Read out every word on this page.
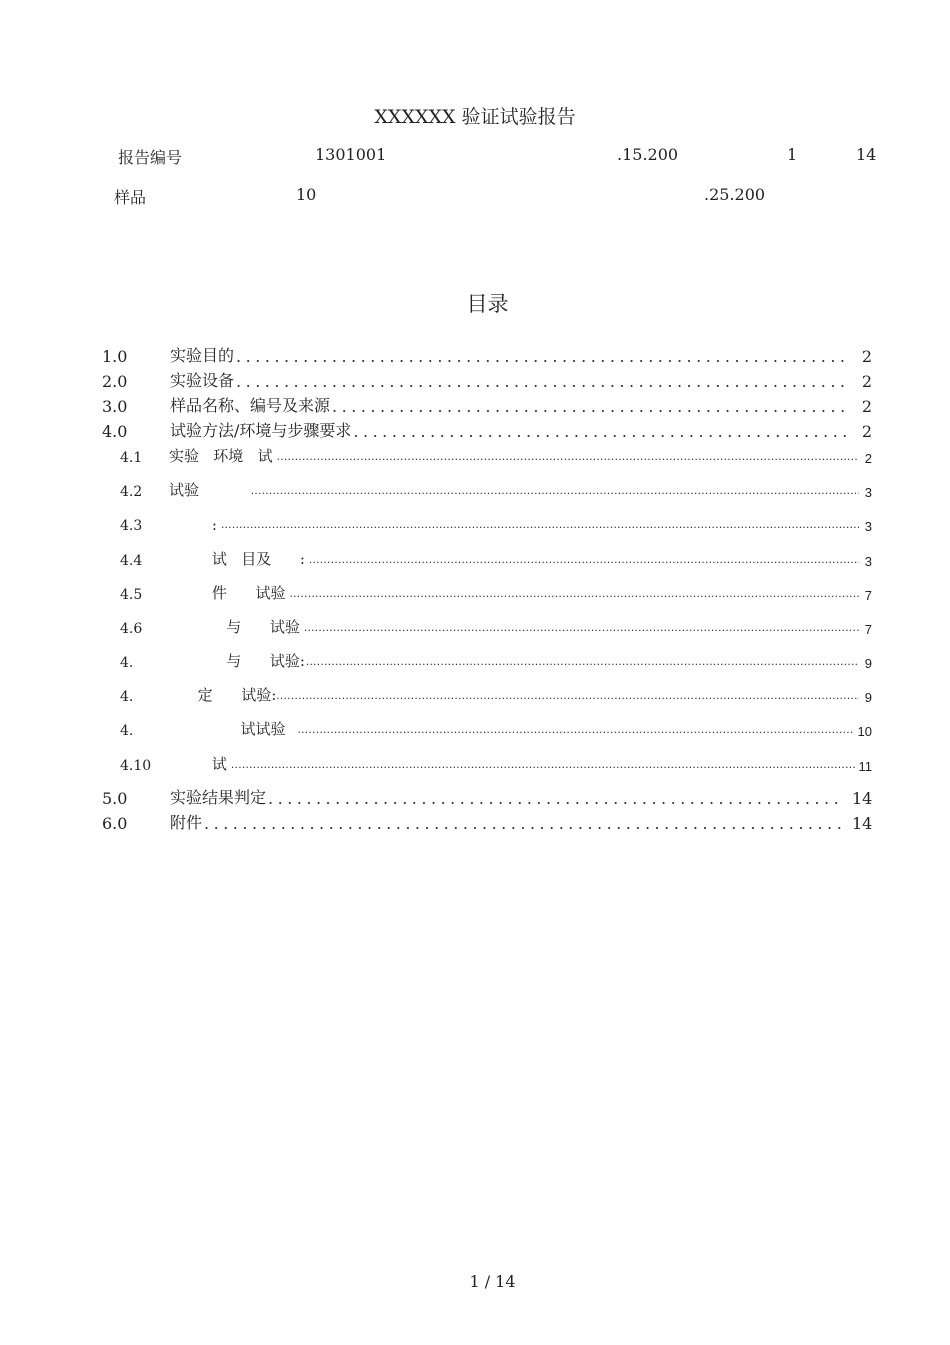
XXXXXX 验证试验报告
报告编号	1301001	.15.200	1	14
样品	10	.25.200
目录
1.0	实验目的 .....	2
2.0	实验设备 .....	2
3.0	样品名称、编号及来源 .....	2
4.0	试验方法/环境与步骤要求 .....	2
4.1	实验   环境   试 .....	2
4.2	试验 .....	3
4.3	: .....	3
4.4	试   目及      : .....	3
4.5	件      试验 .....	7
4.6	与      试验 .....	7
4.	与      试验: .....	9
4.	定      试验: .....	9
4.	试试验 .....	10
4.10	试 .....	11
5.0	实验结果判定 .....	14
6.0	附件 .....	14
1 / 14
